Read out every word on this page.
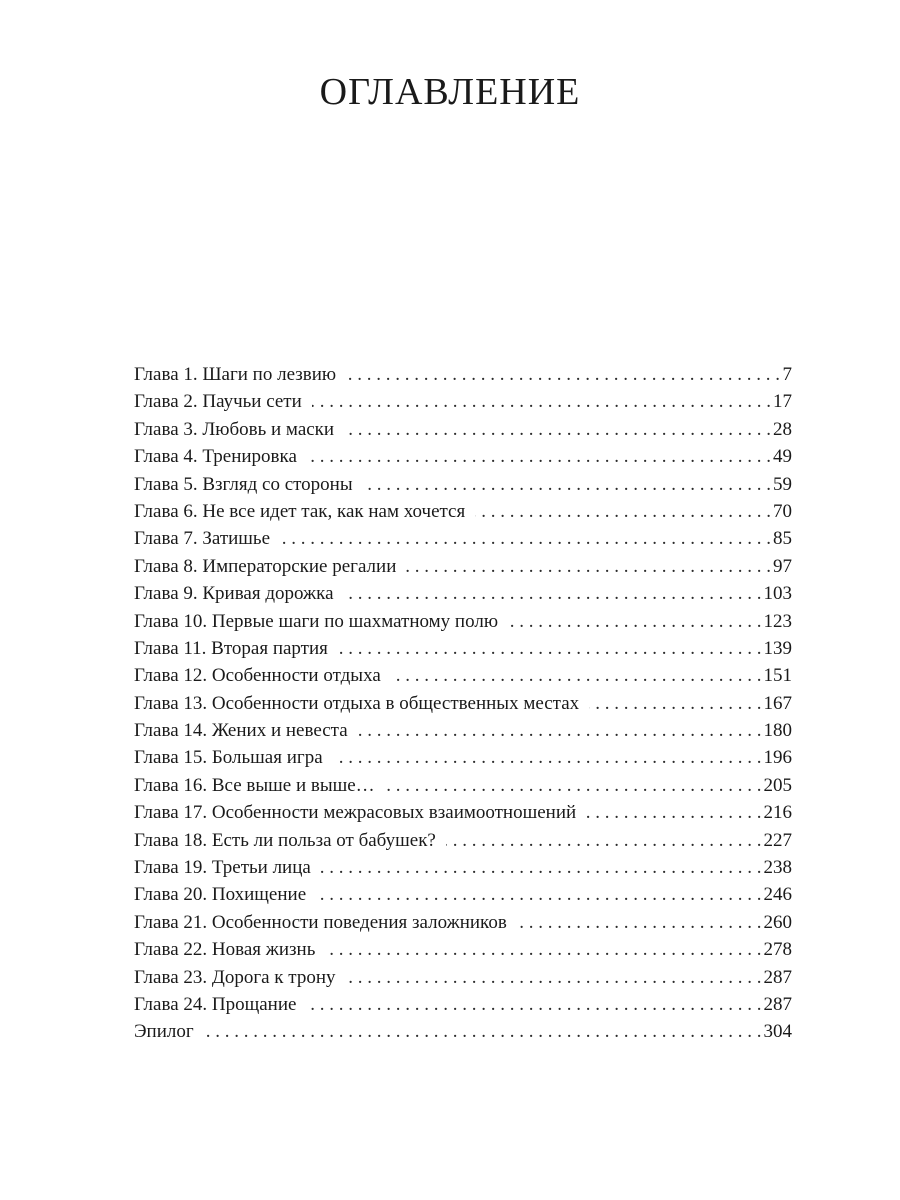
ОГЛАВЛЕНИЕ
Глава 1. Шаги по лезвию . . .	7
Глава 2. Паучьи сети . . .	17
Глава 3. Любовь и маски . . .	28
Глава 4. Тренировка . . .	49
Глава 5. Взгляд со стороны . . .	59
Глава 6. Не все идет так, как нам хочется . . .	70
Глава 7. Затишье . . .	85
Глава 8. Императорские регалии . . .	97
Глава 9. Кривая дорожка . . .	103
Глава 10. Первые шаги по шахматному полю . . .	123
Глава 11. Вторая партия . . .	139
Глава 12. Особенности отдыха . . .	151
Глава 13. Особенности отдыха в общественных местах . . .	167
Глава 14. Жених и невеста . . .	180
Глава 15. Большая игра . . .	196
Глава 16. Все выше и выше… . . .	205
Глава 17. Особенности межрасовых взаимоотношений . . .	216
Глава 18. Есть ли польза от бабушек? . . .	227
Глава 19. Третьи лица . . .	238
Глава 20. Похищение . . .	246
Глава 21. Особенности поведения заложников . . .	260
Глава 22. Новая жизнь . . .	278
Глава 23. Дорога к трону . . .	287
Глава 24. Прощание . . .	287
Эпилог . . .	304
